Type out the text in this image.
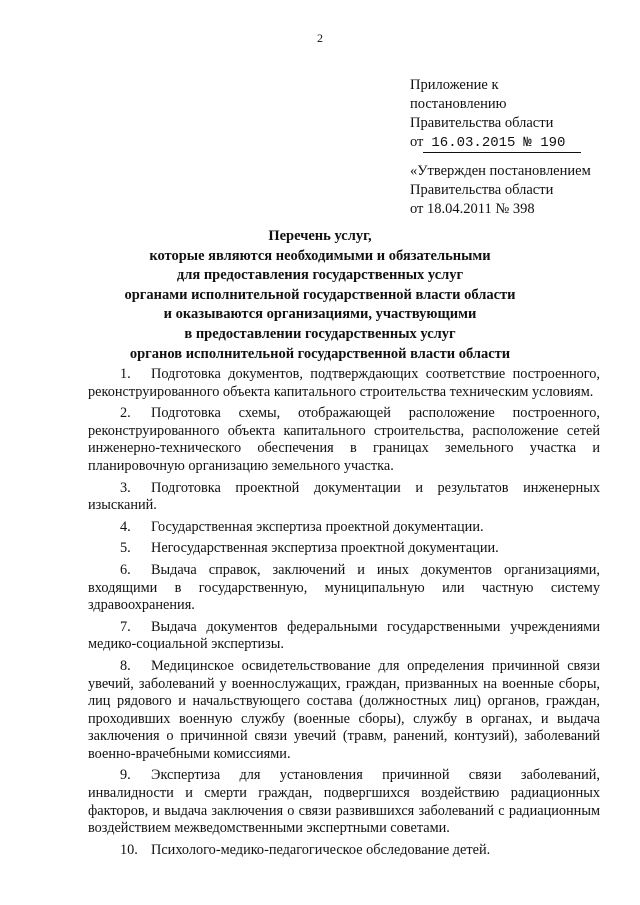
2
Приложение к
постановлению
Правительства области
от 16.03.2015 № 190
«Утвержден постановлением
Правительства области
от 18.04.2011 № 398
Перечень услуг,
которые являются необходимыми и обязательными
для предоставления государственных услуг
органами исполнительной государственной власти области
и оказываются организациями, участвующими
в предоставлении государственных услуг
органов исполнительной государственной власти области

1. Подготовка документов, подтверждающих соответствие построенного, реконструированного объекта капитального строительства техническим условиям.

2. Подготовка схемы, отображающей расположение построенного, реконструированного объекта капитального строительства, расположение сетей инженерно-технического обеспечения в границах земельного участка и планировочную организацию земельного участка.

3. Подготовка проектной документации и результатов инженерных изысканий.

4. Государственная экспертиза проектной документации.

5. Негосударственная экспертиза проектной документации.

6. Выдача справок, заключений и иных документов организациями, входящими в государственную, муниципальную или частную систему здравоохранения.

7. Выдача документов федеральными государственными учреждениями медико-социальной экспертизы.

8. Медицинское освидетельствование для определения причинной связи увечий, заболеваний у военнослужащих, граждан, призванных на военные сборы, лиц рядового и начальствующего состава (должностных лиц) органов, граждан, проходивших военную службу (военные сборы), службу в органах, и выдача заключения о причинной связи увечий (травм, ранений, контузий), заболеваний военно-врачебными комиссиями.

9. Экспертиза для установления причинной связи заболеваний, инвалидности и смерти граждан, подвергшихся воздействию радиационных факторов, и выдача заключения о связи развившихся заболеваний с радиационным воздействием межведомственными экспертными советами.

10. Психолого-медико-педагогическое обследование детей.
